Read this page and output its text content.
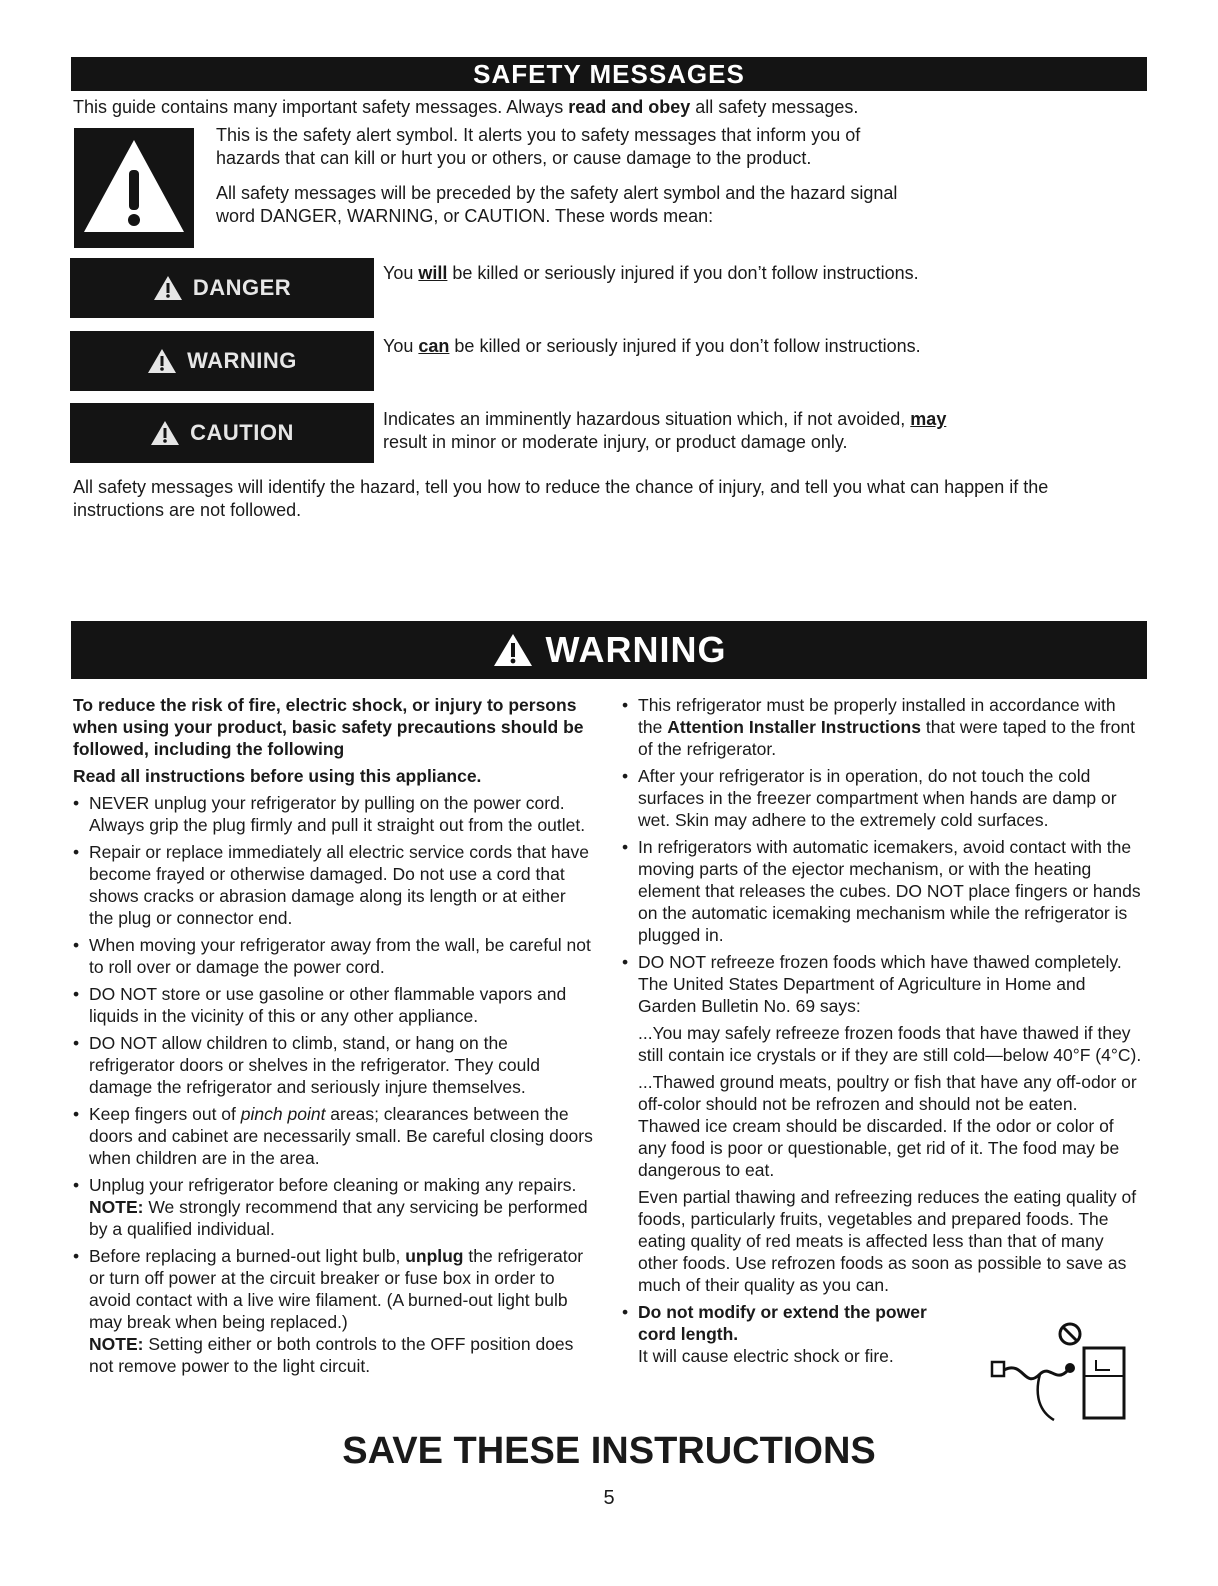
SAFETY MESSAGES

This guide contains many important safety messages. Always read and obey all safety messages.

This is the safety alert symbol. It alerts you to safety messages that inform you of hazards that can kill or hurt you or others, or cause damage to the product.

All safety messages will be preceded by the safety alert symbol and the hazard signal word DANGER, WARNING, or CAUTION. These words mean:

DANGER

You will be killed or seriously injured if you don’t follow instructions.

WARNING

You can be killed or seriously injured if you don’t follow instructions.

CAUTION

Indicates an imminently hazardous situation which, if not avoided, may result in minor or moderate injury, or product damage only.

All safety messages will identify the hazard, tell you how to reduce the chance of injury, and tell you what can happen if the instructions are not followed.

WARNING

To reduce the risk of fire, electric shock, or injury to persons when using your product, basic safety precautions should be followed, including the following

Read all instructions before using this appliance.

• NEVER unplug your refrigerator by pulling on the power cord. Always grip the plug firmly and pull it straight out from the outlet.

• Repair or replace immediately all electric service cords that have become frayed or otherwise damaged. Do not use a cord that shows cracks or abrasion damage along its length or at either the plug or connector end.

• When moving your refrigerator away from the wall, be careful not to roll over or damage the power cord.

• DO NOT store or use gasoline or other flammable vapors and liquids in the vicinity of this or any other appliance.

• DO NOT allow children to climb, stand, or hang on the refrigerator doors or shelves in the refrigerator. They could damage the refrigerator and seriously injure themselves.

• Keep fingers out of pinch point areas; clearances between the doors and cabinet are necessarily small. Be careful closing doors when children are in the area.

• Unplug your refrigerator before cleaning or making any repairs.
NOTE: We strongly recommend that any servicing be performed by a qualified individual.
• Before replacing a burned-out light bulb, unplug the refrigerator or turn off power at the circuit breaker or fuse box in order to avoid contact with a live wire filament. (A burned-out light bulb may break when being replaced.)
NOTE: Setting either or both controls to the OFF position does not remove power to the light circuit.

• This refrigerator must be properly installed in accordance with the Attention Installer Instructions that were taped to the front of the refrigerator.

• After your refrigerator is in operation, do not touch the cold surfaces in the freezer compartment when hands are damp or wet. Skin may adhere to the extremely cold surfaces.

• In refrigerators with automatic icemakers, avoid contact with the moving parts of the ejector mechanism, or with the heating element that releases the cubes. DO NOT place fingers or hands on the automatic icemaking mechanism while the refrigerator is plugged in.

• DO NOT refreeze frozen foods which have thawed completely. The United States Department of Agriculture in Home and Garden Bulletin No. 69 says:

...You may safely refreeze frozen foods that have thawed if they still contain ice crystals or if they are still cold—below 40°F (4°C).

...Thawed ground meats, poultry or fish that have any off-odor or off-color should not be refrozen and should not be eaten. Thawed ice cream should be discarded. If the odor or color of any food is poor or questionable, get rid of it. The food may be dangerous to eat.

Even partial thawing and refreezing reduces the eating quality of foods, particularly fruits, vegetables and prepared foods. The eating quality of red meats is affected less than that of many other foods. Use refrozen foods as soon as possible to save as much of their quality as you can.

• Do not modify or extend the power cord length.
It will cause electric shock or fire.
SAVE THESE INSTRUCTIONS
5
